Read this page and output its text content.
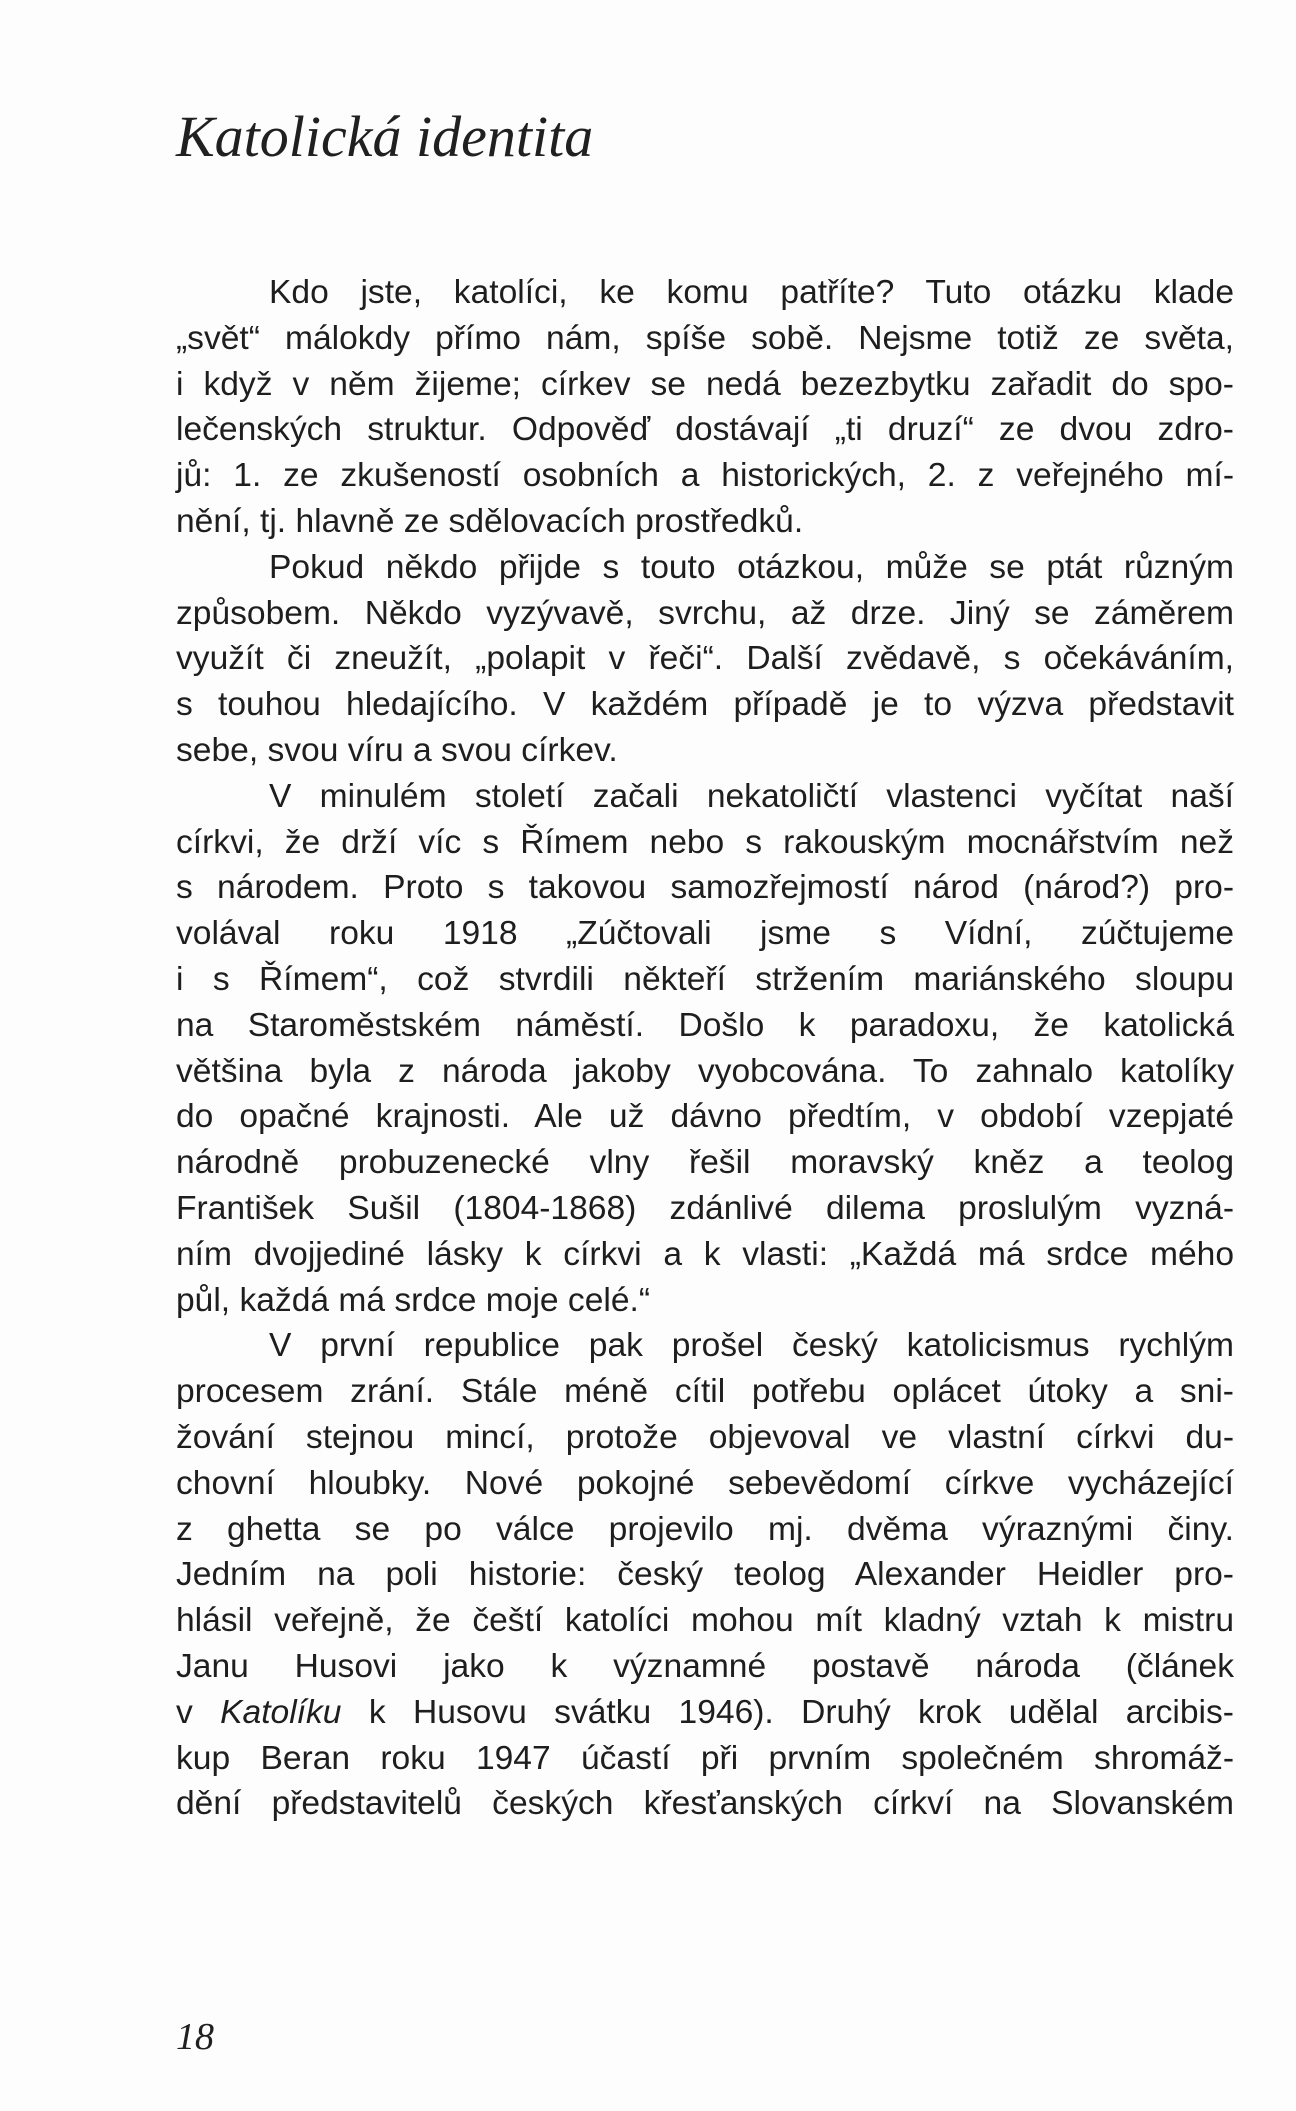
Katolická identita

Kdo jste, katolíci, ke komu patříte? Tuto otázku klade
„svět“ málokdy přímo nám, spíše sobě. Nejsme totiž ze světa,
i když v něm žijeme; církev se nedá bezezbytku zařadit do spo-
lečenských struktur. Odpověď dostávají „ti druzí“ ze dvou zdro-
jů: 1. ze zkušeností osobních a historických, 2. z veřejného mí-
nění, tj. hlavně ze sdělovacích prostředků.

Pokud někdo přijde s touto otázkou, může se ptát různým
způsobem. Někdo vyzývavě, svrchu, až drze. Jiný se záměrem
využít či zneužít, „polapit v řeči“. Další zvědavě, s očekáváním,
s touhou hledajícího. V každém případě je to výzva představit
sebe, svou víru a svou církev.

V minulém století začali nekatoličtí vlastenci vyčítat naší
církvi, že drží víc s Římem nebo s rakouským mocnářstvím než
s národem. Proto s takovou samozřejmostí národ (národ?) pro-
volával roku 1918 „Zúčtovali jsme s Vídní, zúčtujeme
i s Římem“, což stvrdili někteří stržením mariánského sloupu
na Staroměstském náměstí. Došlo k paradoxu, že katolická
většina byla z národa jakoby vyobcována. To zahnalo katolíky
do opačné krajnosti. Ale už dávno předtím, v období vzepjaté
národně probuzenecké vlny řešil moravský kněz a teolog
František Sušil (1804-1868) zdánlivé dilema proslulým vyzná-
ním dvojjediné lásky k církvi a k vlasti: „Každá má srdce mého
půl, každá má srdce moje celé.“

V první republice pak prošel český katolicismus rychlým
procesem zrání. Stále méně cítil potřebu oplácet útoky a sni-
žování stejnou mincí, protože objevoval ve vlastní církvi du-
chovní hloubky. Nové pokojné sebevědomí církve vycházející
z ghetta se po válce projevilo mj. dvěma výraznými činy.
Jedním na poli historie: český teolog Alexander Heidler pro-
hlásil veřejně, že čeští katolíci mohou mít kladný vztah k mistru
Janu Husovi jako k významné postavě národa (článek
v Katolíku k Husovu svátku 1946). Druhý krok udělal arcibis-
kup Beran roku 1947 účastí při prvním společném shromáž-
dění představitelů českých křesťanských církví na Slovanském

18
